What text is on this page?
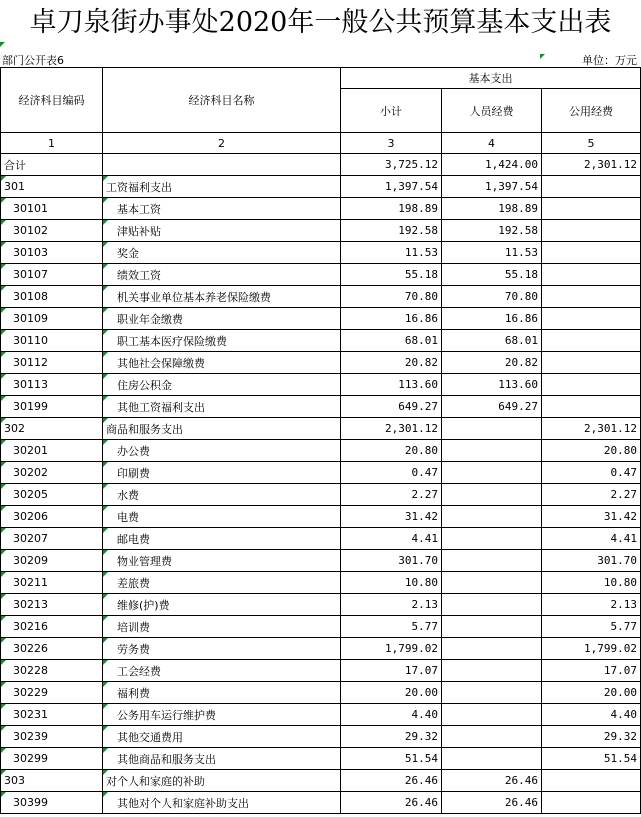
卓刀泉街办事处2020年一般公共预算基本支出表
部门公开表6	单位：万元
经济科目编码	经济科目名称	基本支出		
		小计	人员经费	公用经费
1	2	3	4	5
合计		3,725.12	1,424.00	2,301.12
301	工资福利支出	1,397.54	1,397.54	
30101	基本工资	198.89	198.89	
30102	津贴补贴	192.58	192.58	
30103	奖金	11.53	11.53	
30107	绩效工资	55.18	55.18	
30108	机关事业单位基本养老保险缴费	70.80	70.80	
30109	职业年金缴费	16.86	16.86	
30110	职工基本医疗保险缴费	68.01	68.01	
30112	其他社会保障缴费	20.82	20.82	
30113	住房公积金	113.60	113.60	
30199	其他工资福利支出	649.27	649.27	
302	商品和服务支出	2,301.12		2,301.12
30201	办公费	20.80		20.80
30202	印刷费	0.47		0.47
30205	水费	2.27		2.27
30206	电费	31.42		31.42
30207	邮电费	4.41		4.41
30209	物业管理费	301.70		301.70
30211	差旅费	10.80		10.80
30213	维修(护)费	2.13		2.13
30216	培训费	5.77		5.77
30226	劳务费	1,799.02		1,799.02
30228	工会经费	17.07		17.07
30229	福利费	20.00		20.00
30231	公务用车运行维护费	4.40		4.40
30239	其他交通费用	29.32		29.32
30299	其他商品和服务支出	51.54		51.54
303	对个人和家庭的补助	26.46	26.46	
30399	其他对个人和家庭补助支出	26.46	26.46	
